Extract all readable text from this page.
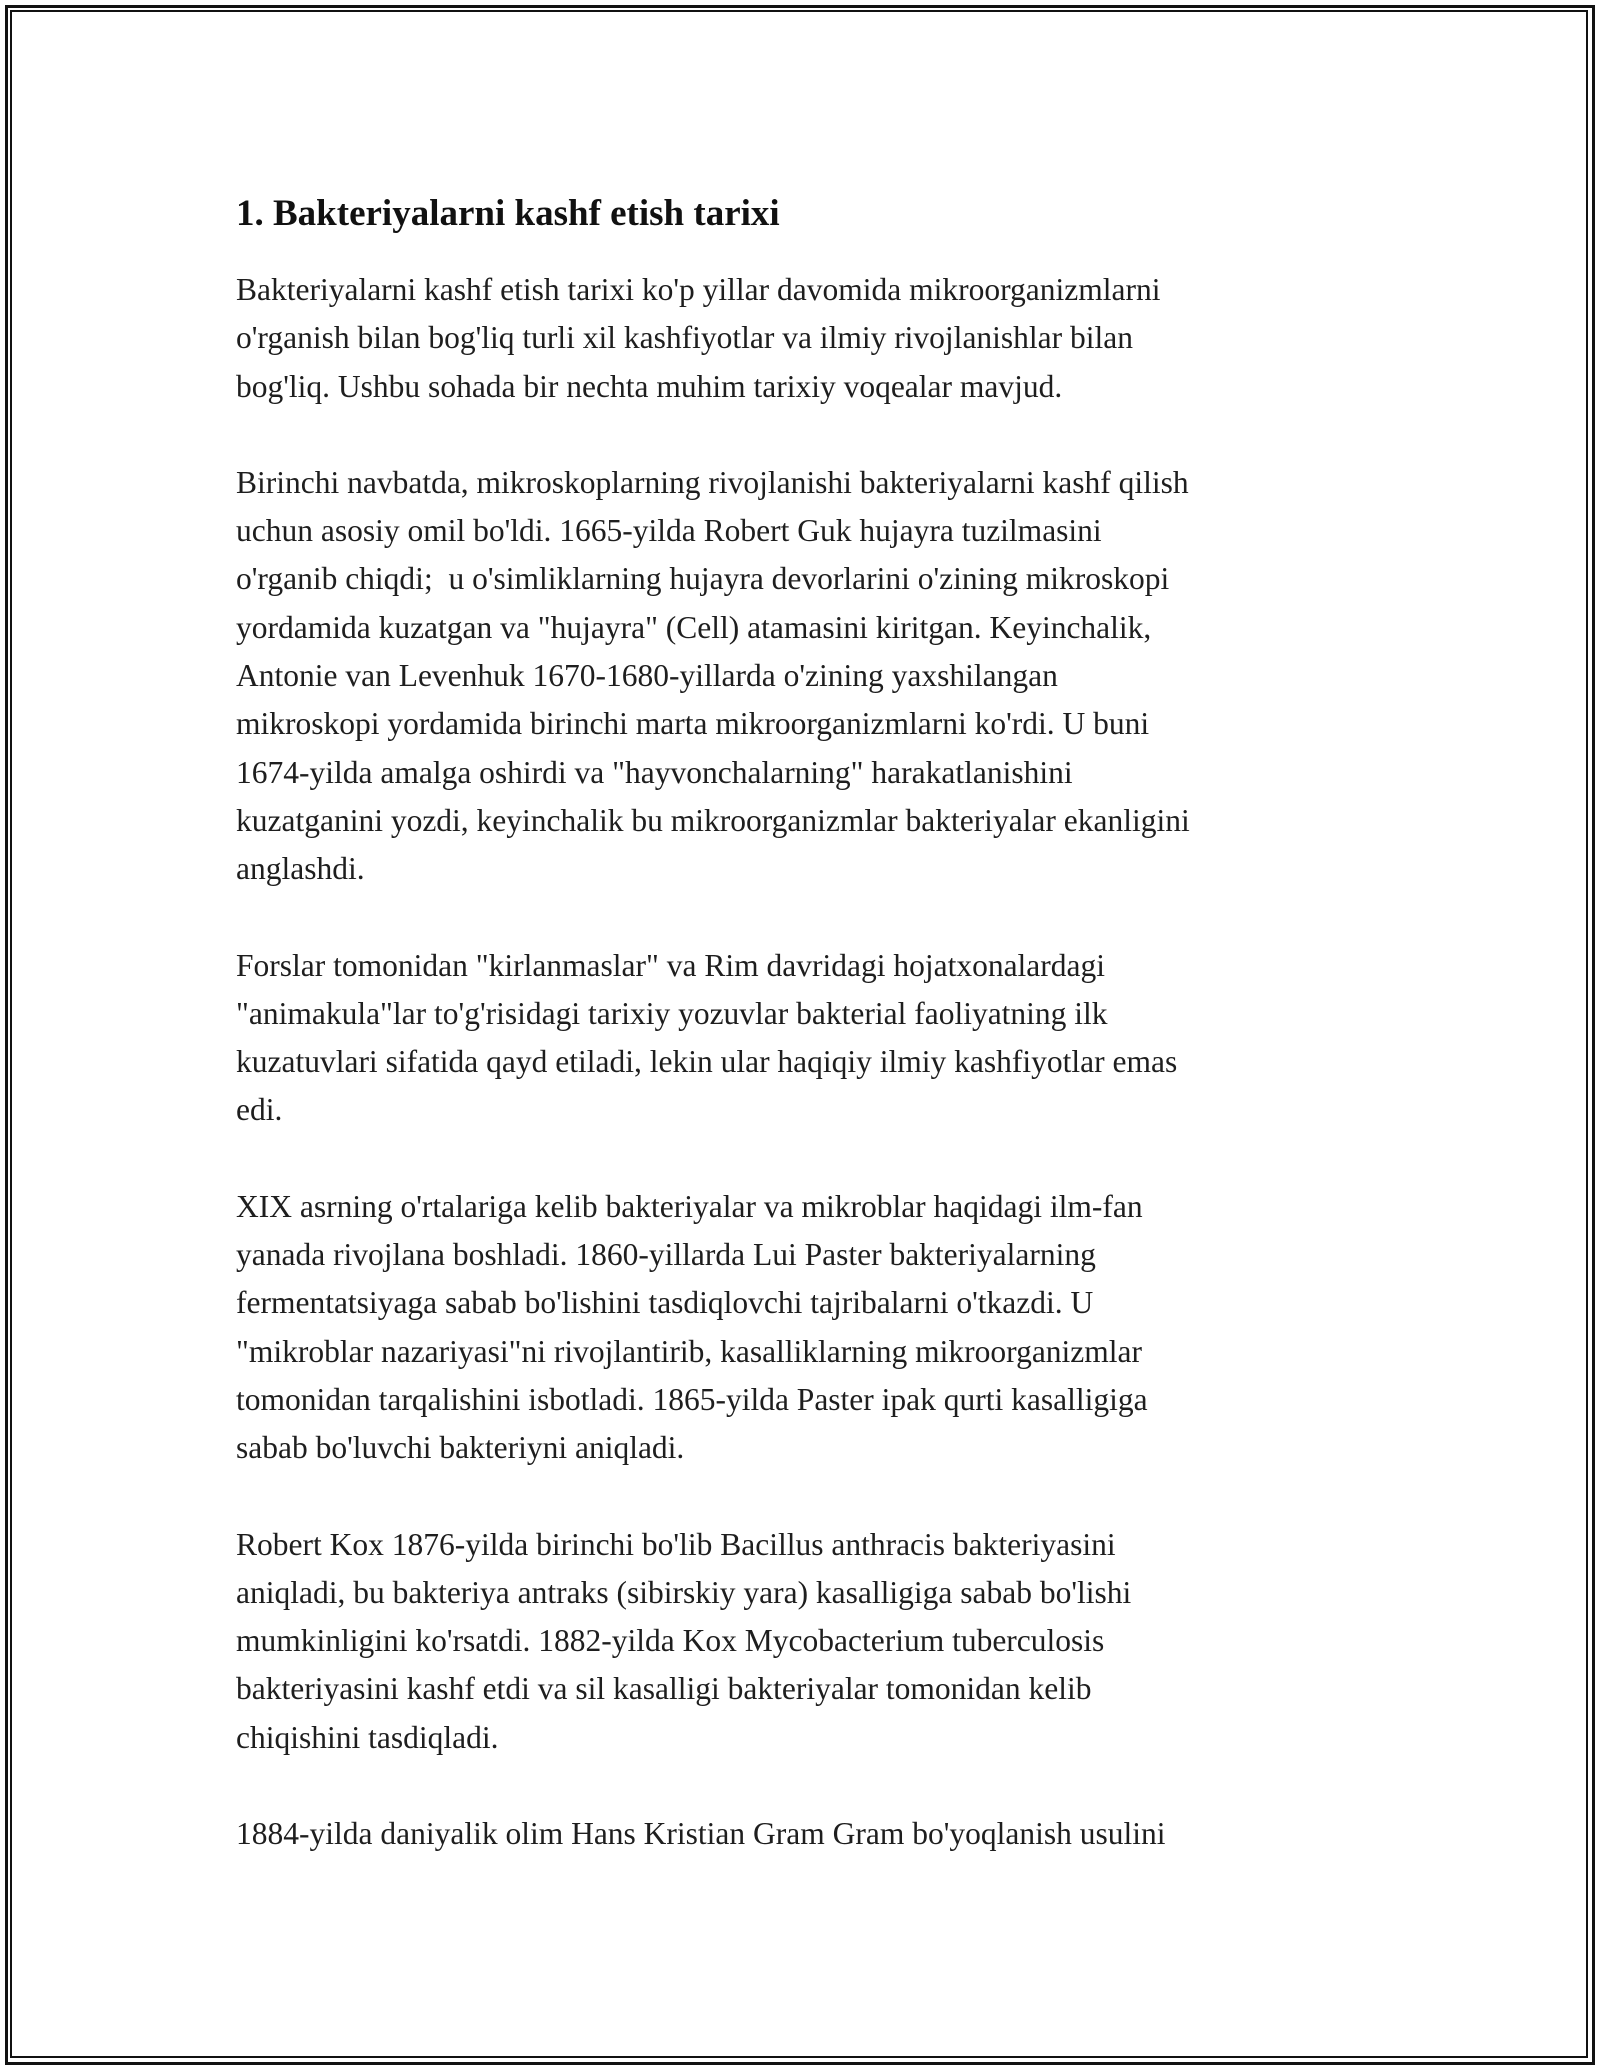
1. Bakteriyalarni kashf etish tarixi

Bakteriyalarni kashf etish tarixi ko'p yillar davomida mikroorganizmlarni
o'rganish bilan bog'liq turli xil kashfiyotlar va ilmiy rivojlanishlar bilan
bog'liq. Ushbu sohada bir nechta muhim tarixiy voqealar mavjud.

Birinchi navbatda, mikroskoplarning rivojlanishi bakteriyalarni kashf qilish
uchun asosiy omil bo'ldi. 1665-yilda Robert Guk hujayra tuzilmasini
o'rganib chiqdi;  u o'simliklarning hujayra devorlarini o'zining mikroskopi
yordamida kuzatgan va "hujayra" (Cell) atamasini kiritgan. Keyinchalik,
Antonie van Levenhuk 1670-1680-yillarda o'zining yaxshilangan
mikroskopi yordamida birinchi marta mikroorganizmlarni ko'rdi. U buni
1674-yilda amalga oshirdi va "hayvonchalarning" harakatlanishini
kuzatganini yozdi, keyinchalik bu mikroorganizmlar bakteriyalar ekanligini
anglashdi.

Forslar tomonidan "kirlanmaslar" va Rim davridagi hojatxonalardagi
"animakula"lar to'g'risidagi tarixiy yozuvlar bakterial faoliyatning ilk
kuzatuvlari sifatida qayd etiladi, lekin ular haqiqiy ilmiy kashfiyotlar emas
edi.

XIX asrning o'rtalariga kelib bakteriyalar va mikroblar haqidagi ilm-fan
yanada rivojlana boshladi. 1860-yillarda Lui Paster bakteriyalarning
fermentatsiyaga sabab bo'lishini tasdiqlovchi tajribalarni o'tkazdi. U
"mikroblar nazariyasi"ni rivojlantirib, kasalliklarning mikroorganizmlar
tomonidan tarqalishini isbotladi. 1865-yilda Paster ipak qurti kasalligiga
sabab bo'luvchi bakteriyni aniqladi.

Robert Kox 1876-yilda birinchi bo'lib Bacillus anthracis bakteriyasini
aniqladi, bu bakteriya antraks (sibirskiy yara) kasalligiga sabab bo'lishi
mumkinligini ko'rsatdi. 1882-yilda Kox Mycobacterium tuberculosis
bakteriyasini kashf etdi va sil kasalligi bakteriyalar tomonidan kelib
chiqishini tasdiqladi.

1884-yilda daniyalik olim Hans Kristian Gram Gram bo'yoqlanish usulini
